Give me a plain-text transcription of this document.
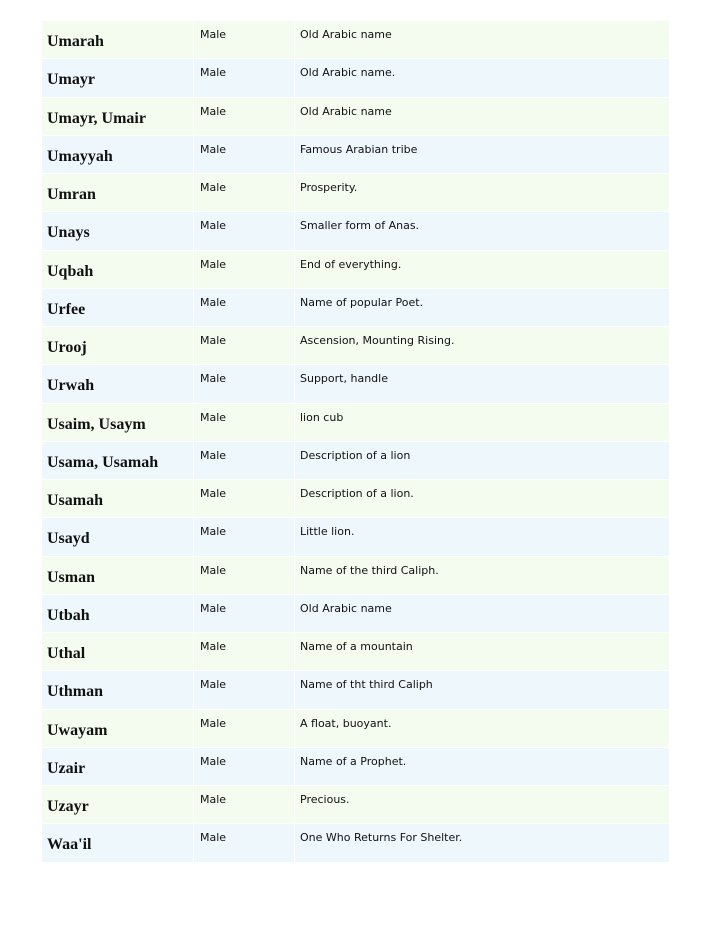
Umarah	Male	Old Arabic name

Umayr	Male	Old Arabic name.

Umayr, Umair	Male	Old Arabic name

Umayyah	Male	Famous Arabian tribe

Umran	Male	Prosperity.

Unays	Male	Smaller form of Anas.

Uqbah	Male	End of everything.

Urfee	Male	Name of popular Poet.

Urooj	Male	Ascension, Mounting Rising.

Urwah	Male	Support, handle

Usaim, Usaym	Male	lion cub

Usama, Usamah	Male	Description of a lion

Usamah	Male	Description of a lion.

Usayd	Male	Little lion.

Usman	Male	Name of the third Caliph.

Utbah	Male	Old Arabic name

Uthal	Male	Name of a mountain

Uthman	Male	Name of tht third Caliph

Uwayam	Male	A float, buoyant.

Uzair	Male	Name of a Prophet.

Uzayr	Male	Precious.

Waa'il	Male	One Who Returns For Shelter.
